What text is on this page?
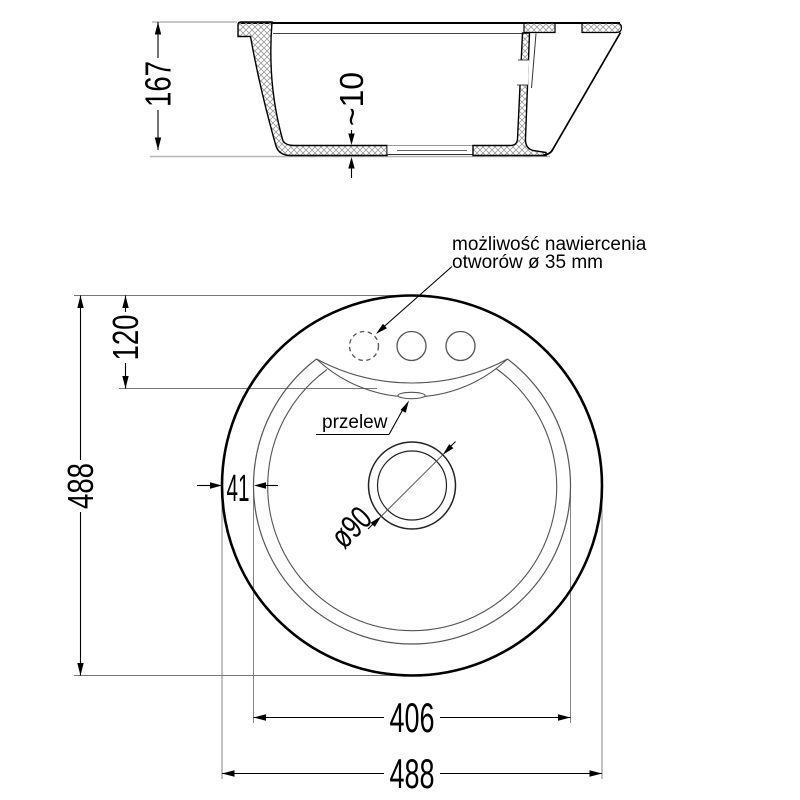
167	~10
ø90
możliwość nawiercenia
otworów ø 35 mm
przelew
488
120
41
406
488
